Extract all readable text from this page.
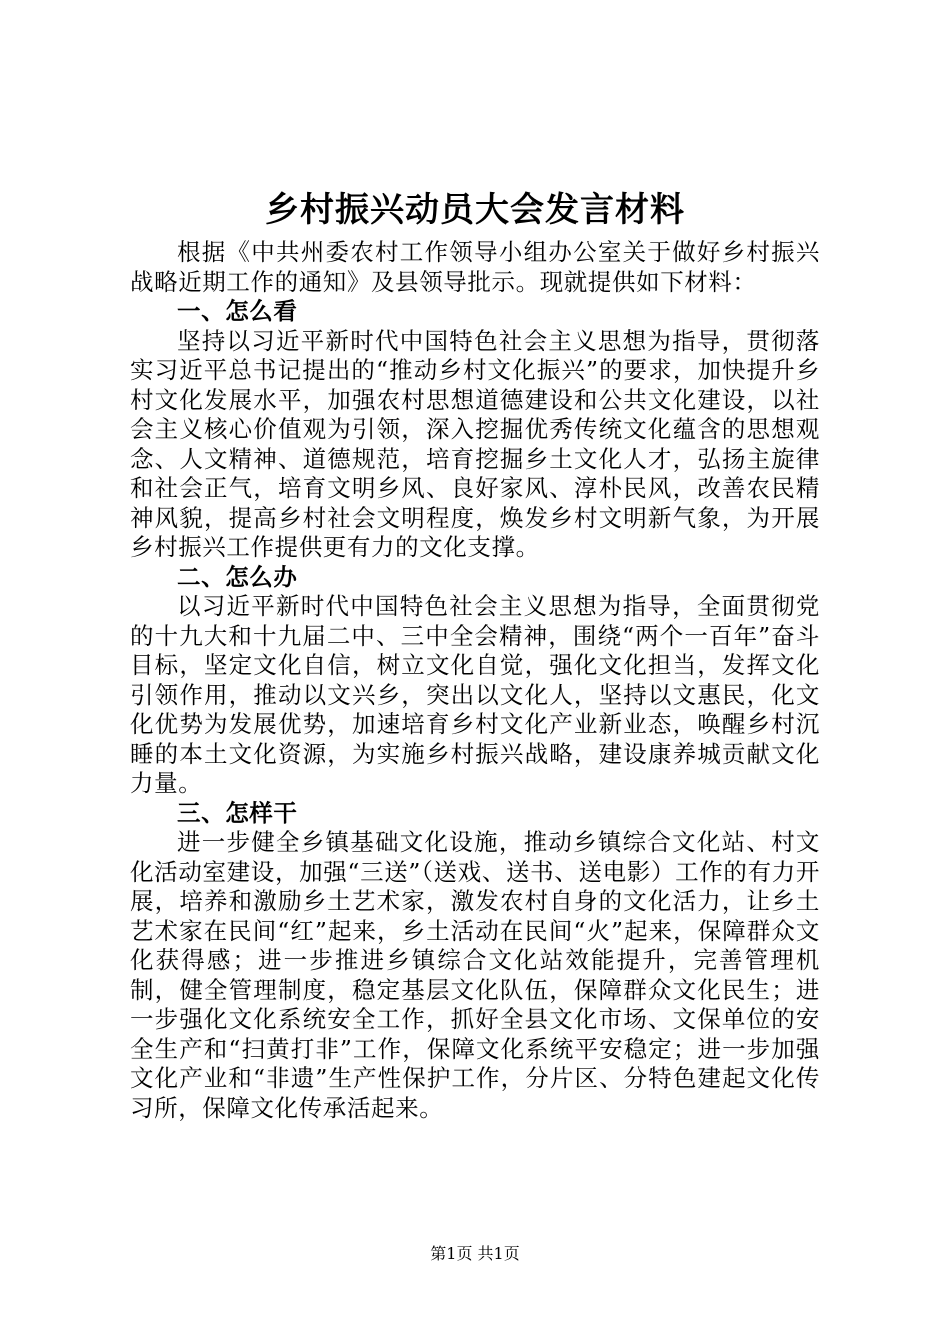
乡村振兴动员大会发言材料

根据《中共州委农村工作领导小组办公室关于做好乡村振兴战略近期工作的通知》及县领导批示。现就提供如下材料：

一、怎么看

坚持以习近平新时代中国特色社会主义思想为指导，贯彻落实习近平总书记提出的“推动乡村文化振兴”的要求，加快提升乡村文化发展水平，加强农村思想道德建设和公共文化建设，以社会主义核心价值观为引领，深入挖掘优秀传统文化蕴含的思想观念、人文精神、道德规范，培育挖掘乡土文化人才，弘扬主旋律和社会正气，培育文明乡风、良好家风、淳朴民风，改善农民精神风貌，提高乡村社会文明程度，焕发乡村文明新气象，为开展乡村振兴工作提供更有力的文化支撑。

二、怎么办

以习近平新时代中国特色社会主义思想为指导，全面贯彻党的十九大和十九届二中、三中全会精神，围绕“两个一百年”奋斗目标，坚定文化自信，树立文化自觉，强化文化担当，发挥文化引领作用，推动以文兴乡，突出以文化人，坚持以文惠民，化文化优势为发展优势，加速培育乡村文化产业新业态，唤醒乡村沉睡的本土文化资源，为实施乡村振兴战略，建设康养城贡献文化力量。

三、怎样干

进一步健全乡镇基础文化设施，推动乡镇综合文化站、村文化活动室建设，加强“三送”（送戏、送书、送电影）工作的有力开展，培养和激励乡土艺术家，激发农村自身的文化活力，让乡土艺术家在民间“红”起来，乡土活动在民间“火”起来，保障群众文化获得感；进一步推进乡镇综合文化站效能提升，完善管理机制，健全管理制度，稳定基层文化队伍，保障群众文化民生；进一步强化文化系统安全工作，抓好全县文化市场、文保单位的安全生产和“扫黄打非”工作，保障文化系统平安稳定；进一步加强文化产业和“非遗”生产性保护工作，分片区、分特色建起文化传习所，保障文化传承活起来。

第1页 共1页
